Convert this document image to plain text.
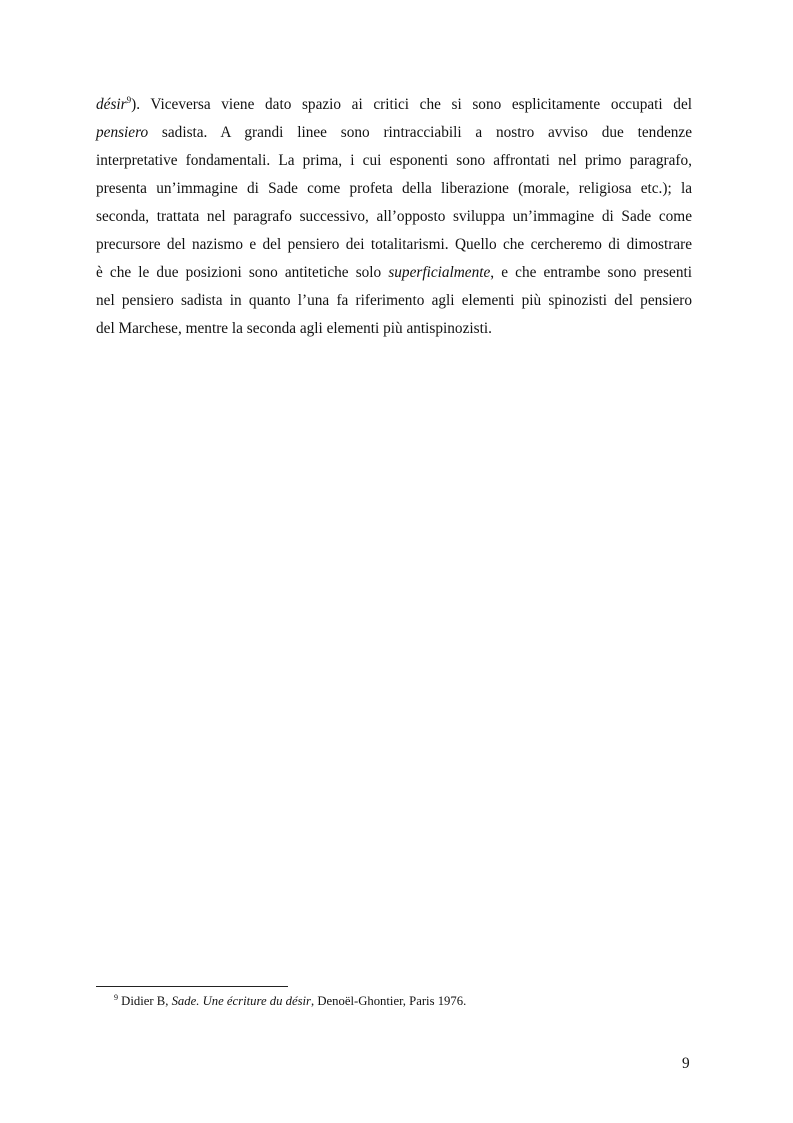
désir$^9$). Viceversa viene dato spazio ai critici che si sono esplicitamente occupati del
pensiero sadista. A grandi linee sono rintracciabili a nostro avviso due tendenze
interpretative fondamentali. La prima, i cui esponenti sono affrontati nel primo paragrafo,
presenta un’immagine di Sade come profeta della liberazione (morale, religiosa etc.); la
seconda, trattata nel paragrafo successivo, all’opposto sviluppa un’immagine di Sade come
precursore del nazismo e del pensiero dei totalitarismi. Quello che cercheremo di dimostrare
è che le due posizioni sono antitetiche solo superficialmente, e che entrambe sono presenti
nel pensiero sadista in quanto l’una fa riferimento agli elementi più spinozisti del pensiero
del Marchese, mentre la seconda agli elementi più antispinozisti.
$^9$ Didier B, Sade. Une écriture du désir, Denoël-Ghontier, Paris 1976.
9
